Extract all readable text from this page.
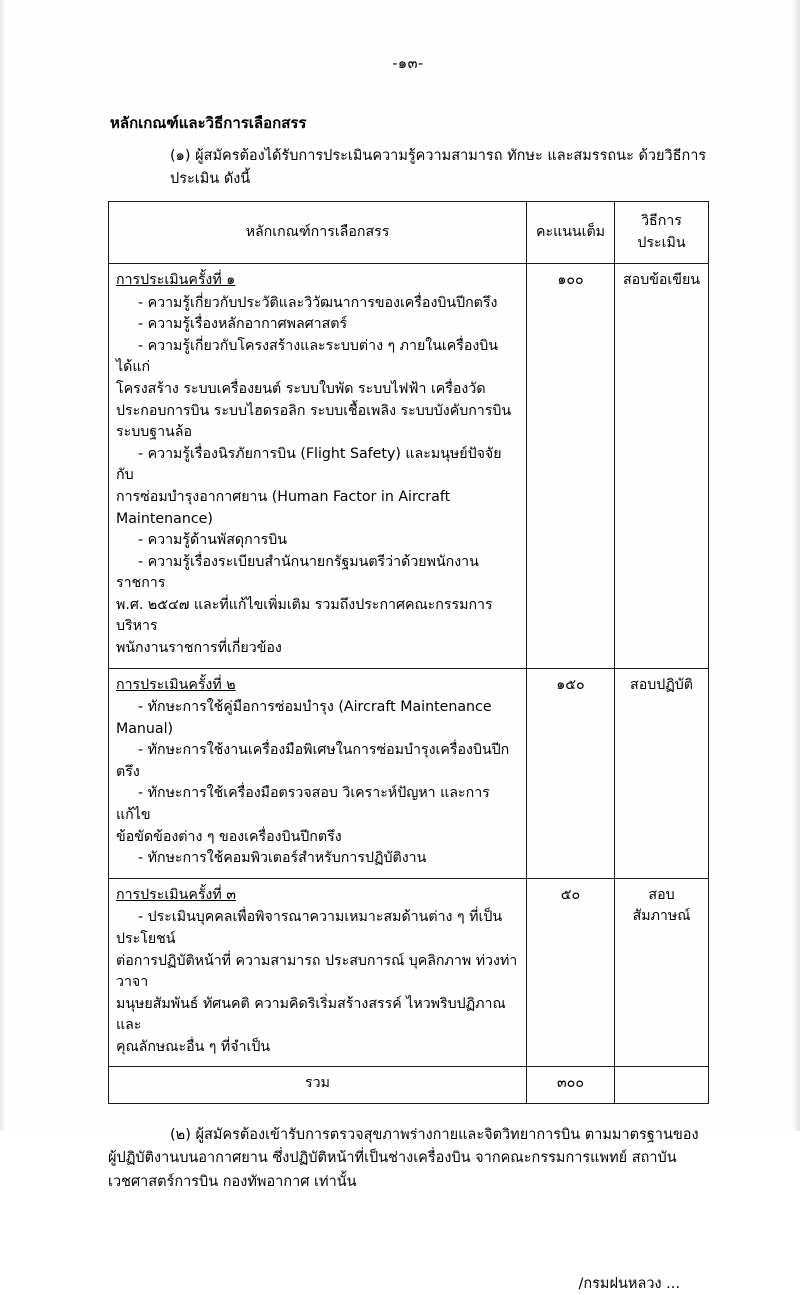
-๑๓-
หลักเกณฑ์และวิธีการเลือกสรร
(๑) ผู้สมัครต้องได้รับการประเมินความรู้ความสามารถ ทักษะ และสมรรถนะ ด้วยวิธีการประเมิน ดังนี้
หลักเกณฑ์การเลือกสรร	คะแนนเต็ม	วิธีการประเมิน

การประเมินครั้งที่ ๑
- ความรู้เกี่ยวกับประวัติและวิวัฒนาการของเครื่องบินปีกตรึง
- ความรู้เรื่องหลักอากาศพลศาสตร์
- ความรู้เกี่ยวกับโครงสร้างและระบบต่าง ๆ ภายในเครื่องบิน ได้แก่
โครงสร้าง ระบบเครื่องยนต์ ระบบใบพัด ระบบไฟฟ้า เครื่องวัด
ประกอบการบิน ระบบไฮดรอลิก ระบบเชื้อเพลิง ระบบบังคับการบิน
ระบบฐานล้อ
- ความรู้เรื่องนิรภัยการบิน (Flight Safety) และมนุษย์ปัจจัยกับ
การซ่อมบำรุงอากาศยาน (Human Factor in Aircraft Maintenance)
- ความรู้ด้านพัสดุการบิน
- ความรู้เรื่องระเบียบสำนักนายกรัฐมนตรีว่าด้วยพนักงานราชการ
พ.ศ. ๒๕๔๗ และที่แก้ไขเพิ่มเติม รวมถึงประกาศคณะกรรมการบริหาร
พนักงานราชการที่เกี่ยวข้อง
	๑๐๐	สอบข้อเขียน

การประเมินครั้งที่ ๒
- ทักษะการใช้คู่มือการซ่อมบำรุง (Aircraft Maintenance Manual)
- ทักษะการใช้งานเครื่องมือพิเศษในการซ่อมบำรุงเครื่องบินปีกตรึง
- ทักษะการใช้เครื่องมือตรวจสอบ วิเคราะห์ปัญหา และการแก้ไข
ข้อขัดข้องต่าง ๆ ของเครื่องบินปีกตรึง
- ทักษะการใช้คอมพิวเตอร์สำหรับการปฏิบัติงาน
	๑๕๐	สอบปฏิบัติ

การประเมินครั้งที่ ๓
- ประเมินบุคคลเพื่อพิจารณาความเหมาะสมด้านต่าง ๆ ที่เป็นประโยชน์
ต่อการปฏิบัติหน้าที่ ความสามารถ ประสบการณ์ บุคลิกภาพ ท่วงท่า วาจา
มนุษยสัมพันธ์ ทัศนคติ ความคิดริเริ่มสร้างสรรค์ ไหวพริบปฏิภาณ และ
คุณลักษณะอื่น ๆ ที่จำเป็น	๕๐	สอบสัมภาษณ์
รวม	๓๐๐	
(๒) ผู้สมัครต้องเข้ารับการตรวจสุขภาพร่างกายและจิตวิทยาการบิน ตามมาตรฐานของ
ผู้ปฏิบัติงานบนอากาศยาน ซึ่งปฏิบัติหน้าที่เป็นช่างเครื่องบิน จากคณะกรรมการแพทย์ สถาบันเวชศาสตร์การบิน กองทัพอากาศ เท่านั้น
/กรมฝนหลวง ...
